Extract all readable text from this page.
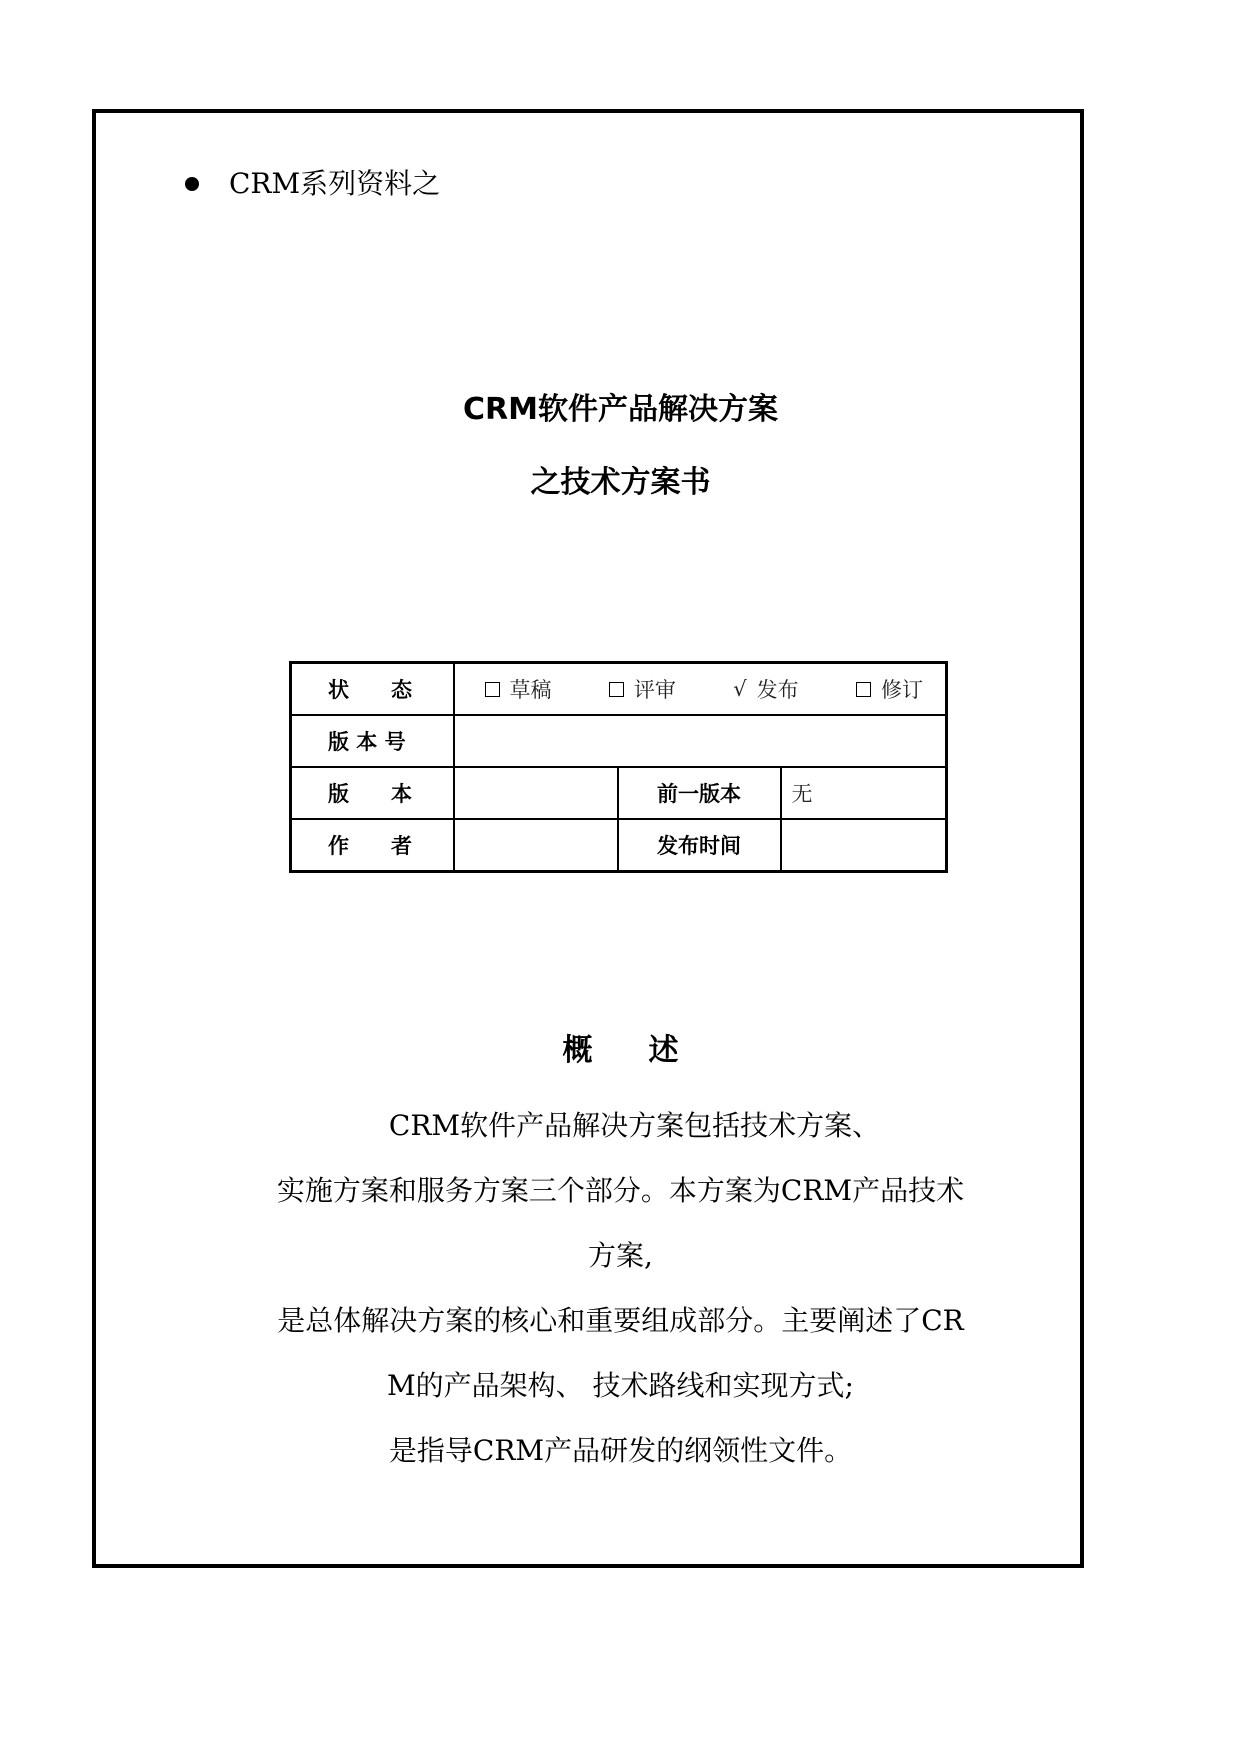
CRM系列资料之
CRM软件产品解决方案
之技术方案书
状 态	草稿 评审 √ 发布 修订		

版 本 号			

版 本		前一版本	无

作 者		发布时间	
概 述
　CRM软件产品解决方案包括技术方案、
实施方案和服务方案三个部分。本方案为CRM产品技术
方案,
是总体解决方案的核心和重要组成部分。主要阐述了CR
M的产品架构、 技术路线和实现方式;
是指导CRM产品研发的纲领性文件。
